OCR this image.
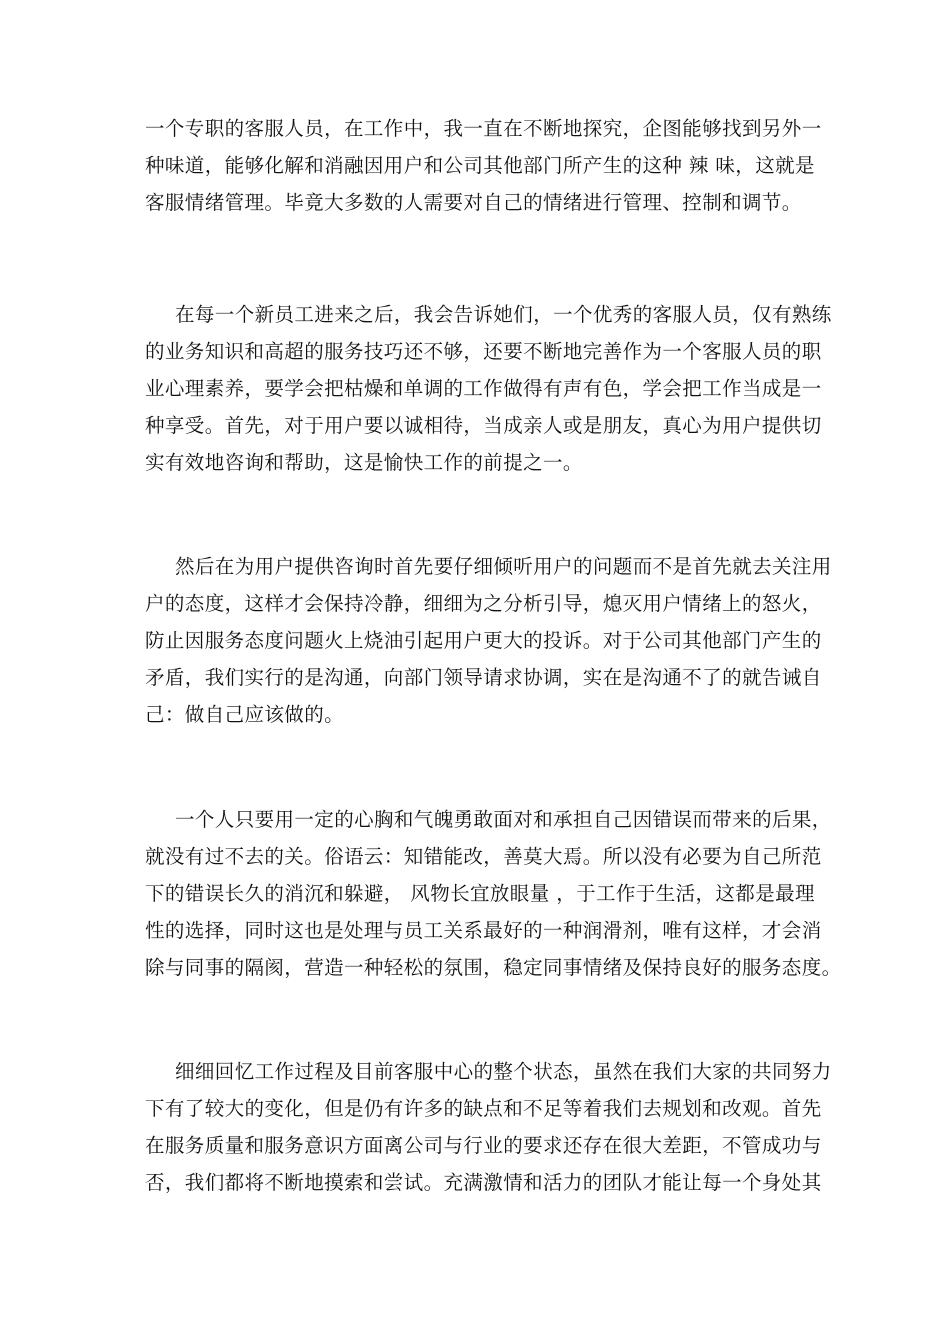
一个专职的客服人员，在工作中，我一直在不断地探究，企图能够找到另外一
种味道，能够化解和消融因用户和公司其他部门所产生的这种 辣 味，这就是
客服情绪管理。毕竟大多数的人需要对自己的情绪进行管理、控制和调节。
在每一个新员工进来之后，我会告诉她们，一个优秀的客服人员，仅有熟练
的业务知识和高超的服务技巧还不够，还要不断地完善作为一个客服人员的职
业心理素养，要学会把枯燥和单调的工作做得有声有色，学会把工作当成是一
种享受。首先，对于用户要以诚相待，当成亲人或是朋友，真心为用户提供切
实有效地咨询和帮助，这是愉快工作的前提之一。
然后在为用户提供咨询时首先要仔细倾听用户的问题而不是首先就去关注用
户的态度，这样才会保持冷静，细细为之分析引导，熄灭用户情绪上的怒火，
防止因服务态度问题火上烧油引起用户更大的投诉。对于公司其他部门产生的
矛盾，我们实行的是沟通，向部门领导请求协调，实在是沟通不了的就告诫自
己：做自己应该做的。
一个人只要用一定的心胸和气魄勇敢面对和承担自己因错误而带来的后果，
就没有过不去的关。俗语云：知错能改，善莫大焉。所以没有必要为自己所范
下的错误长久的消沉和躲避， 风物长宜放眼量 ，于工作于生活，这都是最理
性的选择，同时这也是处理与员工关系最好的一种润滑剂，唯有这样，才会消
除与同事的隔阂，营造一种轻松的氛围，稳定同事情绪及保持良好的服务态度。
细细回忆工作过程及目前客服中心的整个状态，虽然在我们大家的共同努力
下有了较大的变化，但是仍有许多的缺点和不足等着我们去规划和改观。首先
在服务质量和服务意识方面离公司与行业的要求还存在很大差距，不管成功与
否，我们都将不断地摸索和尝试。充满激情和活力的团队才能让每一个身处其
